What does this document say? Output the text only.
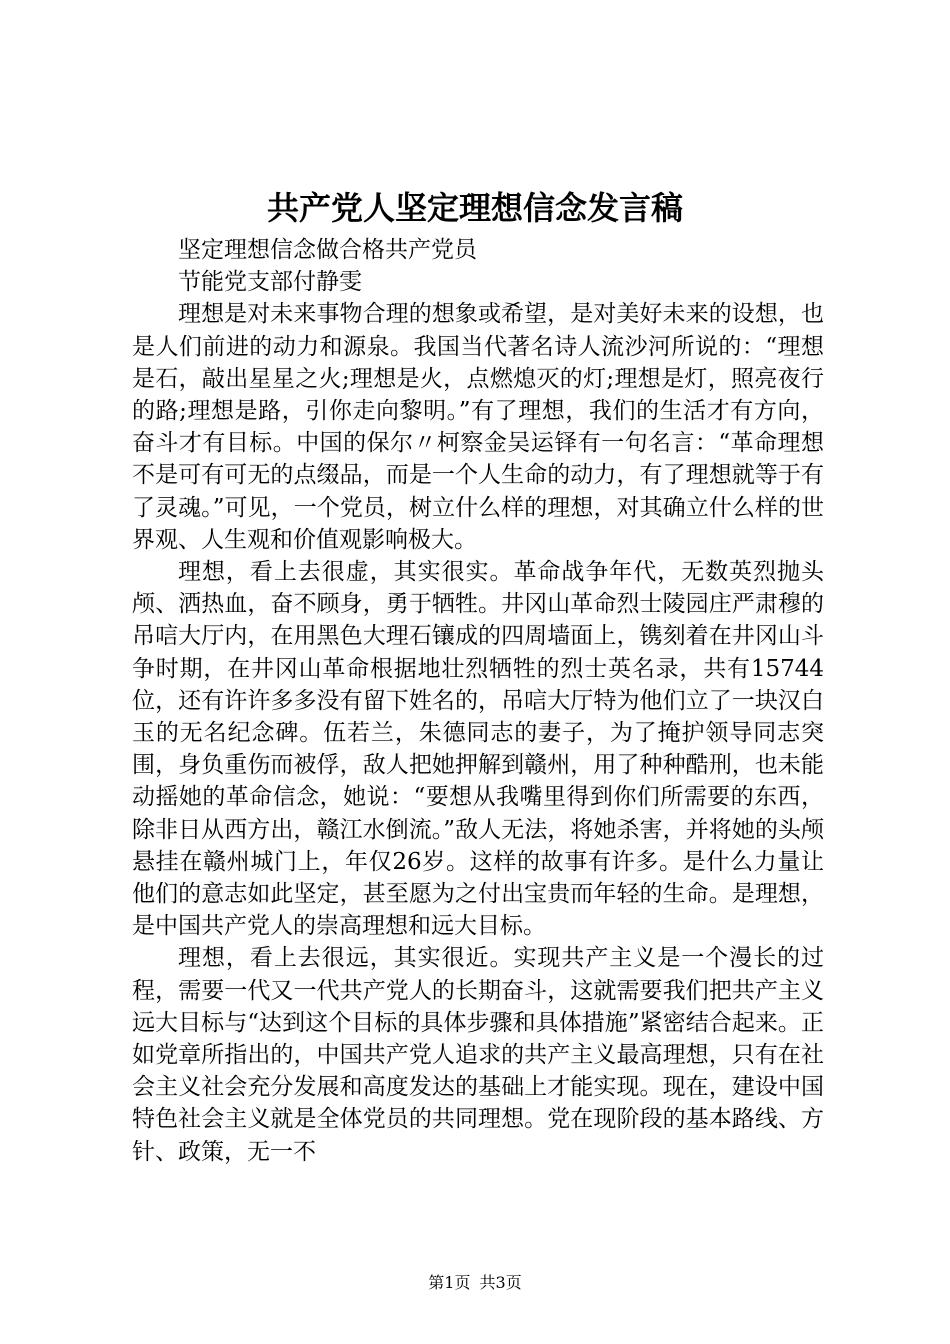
共产党人坚定理想信念发言稿

坚定理想信念做合格共产党员

节能党支部付静雯

理想是对未来事物合理的想象或希望，是对美好未来的设想，也是人们前进的动力和源泉。我国当代著名诗人流沙河所说的：“理想是石，敲出星星之火;理想是火，点燃熄灭的灯;理想是灯，照亮夜行的路;理想是路，引你走向黎明。”有了理想，我们的生活才有方向，奋斗才有目标。中国的保尔〃柯察金吴运铎有一句名言：“革命理想不是可有可无的点缀品，而是一个人生命的动力，有了理想就等于有了灵魂。”可见，一个党员，树立什么样的理想，对其确立什么样的世界观、人生观和价值观影响极大。

理想，看上去很虚，其实很实。革命战争年代，无数英烈抛头颅、洒热血，奋不顾身，勇于牺牲。井冈山革命烈士陵园庄严肃穆的吊唁大厅内，在用黑色大理石镶成的四周墙面上，镌刻着在井冈山斗争时期，在井冈山革命根据地壮烈牺牲的烈士英名录，共有15744位，还有许许多多没有留下姓名的，吊唁大厅特为他们立了一块汉白玉的无名纪念碑。伍若兰，朱德同志的妻子，为了掩护领导同志突围，身负重伤而被俘，敌人把她押解到赣州，用了种种酷刑，也未能动摇她的革命信念，她说：“要想从我嘴里得到你们所需要的东西，除非日从西方出，赣江水倒流。”敌人无法，将她杀害，并将她的头颅悬挂在赣州城门上，年仅26岁。这样的故事有许多。是什么力量让他们的意志如此坚定，甚至愿为之付出宝贵而年轻的生命。是理想，是中国共产党人的崇高理想和远大目标。

理想，看上去很远，其实很近。实现共产主义是一个漫长的过程，需要一代又一代共产党人的长期奋斗，这就需要我们把共产主义远大目标与“达到这个目标的具体步骤和具体措施”紧密结合起来。正如党章所指出的，中国共产党人追求的共产主义最高理想，只有在社会主义社会充分发展和高度发达的基础上才能实现。现在，建设中国特色社会主义就是全体党员的共同理想。党在现阶段的基本路线、方针、政策，无一不

第1页 共3页
